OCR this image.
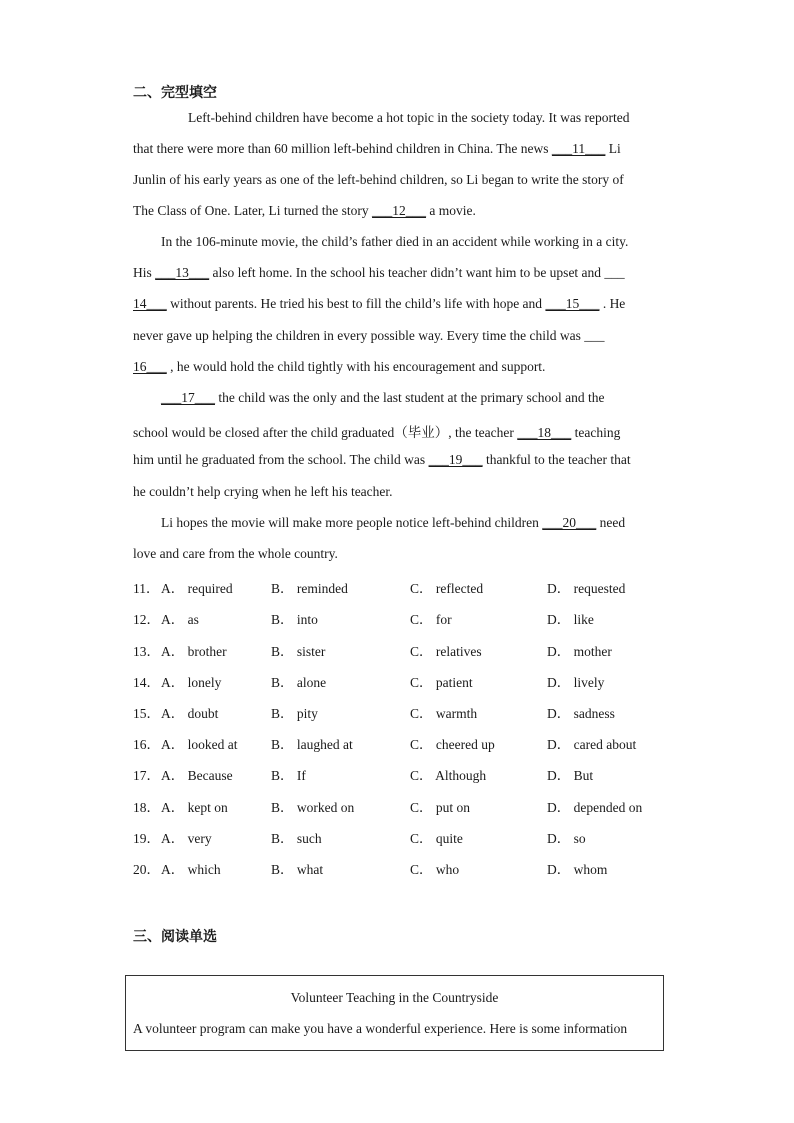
二、完型填空
Left-behind children have become a hot topic in the society today. It was reported
that there were more than 60 million left-behind children in China. The news ___11___ Li
Junlin of his early years as one of the left-behind children, so Li began to write the story of
The Class of One. Later, Li turned the story ___12___ a movie.
In the 106-minute movie, the child’s father died in an accident while working in a city.
His ___13___ also left home. In the school his teacher didn’t want him to be upset and ___
14___ without parents. He tried his best to fill the child’s life with hope and ___15___ . He
never gave up helping the children in every possible way. Every time the child was ___
16___ , he would hold the child tightly with his encouragement and support.
___17___ the child was the only and the last student at the primary school and the
school would be closed after the child graduated（毕业）, the teacher ___18___ teaching
him until he graduated from the school. The child was ___19___ thankful to the teacher that
he couldn’t help crying when he left his teacher.
Li hopes the movie will make more people notice left-behind children ___20___ need
love and care from the whole country.
11． A． required	B． reminded	C． reflected	D． requested
12． A． as	B． into	C． for	D． like
13． A． brother	B． sister	C． relatives	D． mother
14． A． lonely	B． alone	C． patient	D． lively
15． A． doubt	B． pity	C． warmth	D． sadness
16． A． looked at B． laughed at	C． cheered up	D． cared about
17． A． Because	B． If	C． Although	D． But
18． A． kept on	B． worked on	C． put on	D． depended on
19． A． very	B． such	C． quite	D． so
20． A． which	B． what	C． who	D． whom
三、阅读单选
Volunteer Teaching in the Countryside
A volunteer program can make you have a wonderful experience. Here is some information
